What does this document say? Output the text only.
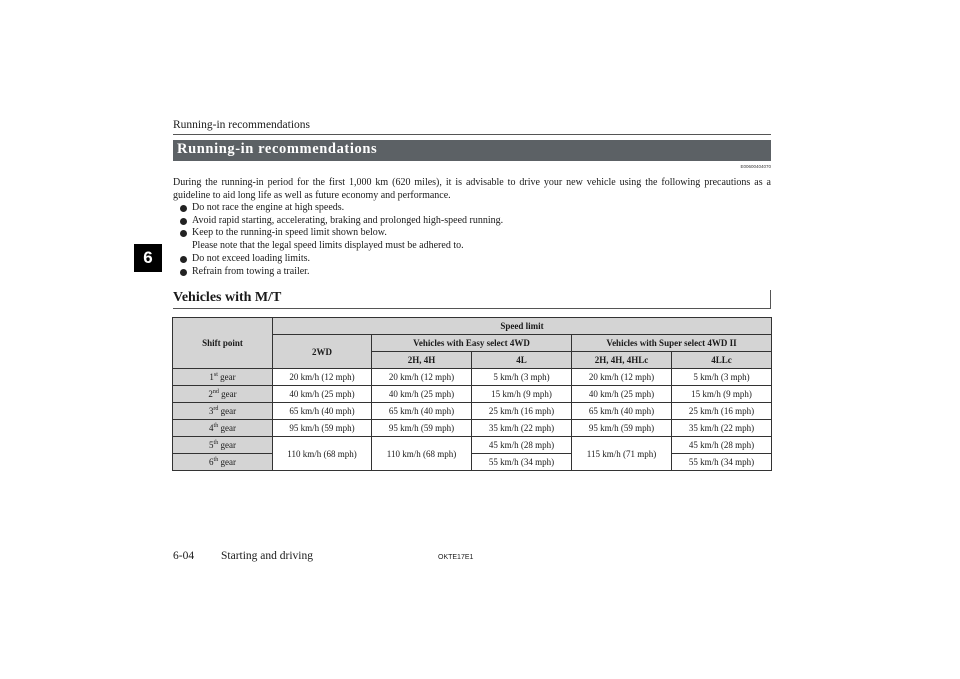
Running-in recommendations
Running-in recommendations
E00600404070
6

During the running-in period for the first 1,000 km (620 miles), it is advisable to drive your new vehicle using the following precautions as a guideline to aid long life as well as future economy and performance.

Do not race the engine at high speeds.
Avoid rapid starting, accelerating, braking and prolonged high-speed running.
Keep to the running-in speed limit shown below.
Please note that the legal speed limits displayed must be adhered to.
Do not exceed loading limits.
Refrain from towing a trailer.
Vehicles with M/T
Shift point	Speed limit				
	2WD	Vehicles with Easy select 4WD		Vehicles with Super select 4WD II	
		2H, 4H	4L	2H, 4H, 4HLc	4LLc
1st gear	20 km/h (12 mph)	20 km/h (12 mph)	5 km/h (3 mph)	20 km/h (12 mph)	5 km/h (3 mph)
2nd gear	40 km/h (25 mph)	40 km/h (25 mph)	15 km/h (9 mph)	40 km/h (25 mph)	15 km/h (9 mph)
3rd gear	65 km/h (40 mph)	65 km/h (40 mph)	25 km/h (16 mph)	65 km/h (40 mph)	25 km/h (16 mph)
4th gear	95 km/h (59 mph)	95 km/h (59 mph)	35 km/h (22 mph)	95 km/h (59 mph)	35 km/h (22 mph)
5th gear	110 km/h (68 mph)	110 km/h (68 mph)	45 km/h (28 mph)	115 km/h (71 mph)	45 km/h (28 mph)
6th gear			55 km/h (34 mph)		55 km/h (34 mph)
6-04 Starting and driving	OKTE17E1
